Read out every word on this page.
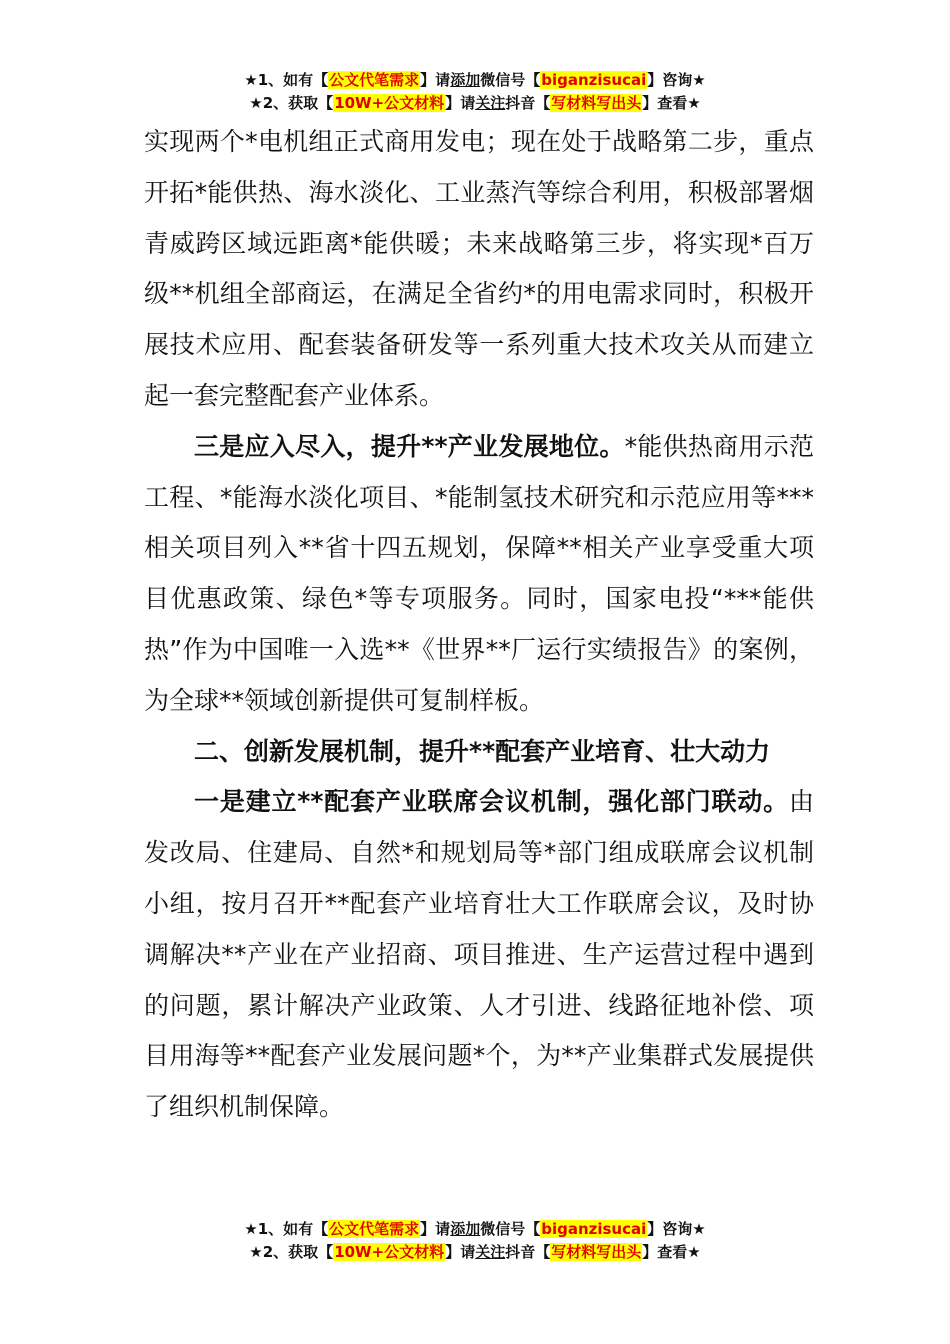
★1、如有【公文代笔需求】请添加微信号【biganzisucai】咨询★
★2、获取【10W+公文材料】请关注抖音【写材料写出头】查看★

实现两个*电机组正式商用发电；现在处于战略第二步，重点开拓*能供热、海水淡化、工业蒸汽等综合利用，积极部署烟青威跨区域远距离*能供暖；未来战略第三步，将实现*百万级**机组全部商运，在满足全省约*的用电需求同时，积极开展技术应用、配套装备研发等一系列重大技术攻关从而建立起一套完整配套产业体系。

三是应入尽入，提升**产业发展地位。*能供热商用示范工程、*能海水淡化项目、*能制氢技术研究和示范应用等***相关项目列入**省十四五规划，保障**相关产业享受重大项目优惠政策、绿色*等专项服务。同时，国家电投“***能供热”作为中国唯一入选**《世界**厂运行实绩报告》的案例，为全球**领域创新提供可复制样板。

二、创新发展机制，提升**配套产业培育、壮大动力

一是建立**配套产业联席会议机制，强化部门联动。由发改局、住建局、自然*和规划局等*部门组成联席会议机制小组，按月召开**配套产业培育壮大工作联席会议，及时协调解决**产业在产业招商、项目推进、生产运营过程中遇到的问题，累计解决产业政策、人才引进、线路征地补偿、项目用海等**配套产业发展问题*个，为**产业集群式发展提供了组织机制保障。

★1、如有【公文代笔需求】请添加微信号【biganzisucai】咨询★
★2、获取【10W+公文材料】请关注抖音【写材料写出头】查看★
